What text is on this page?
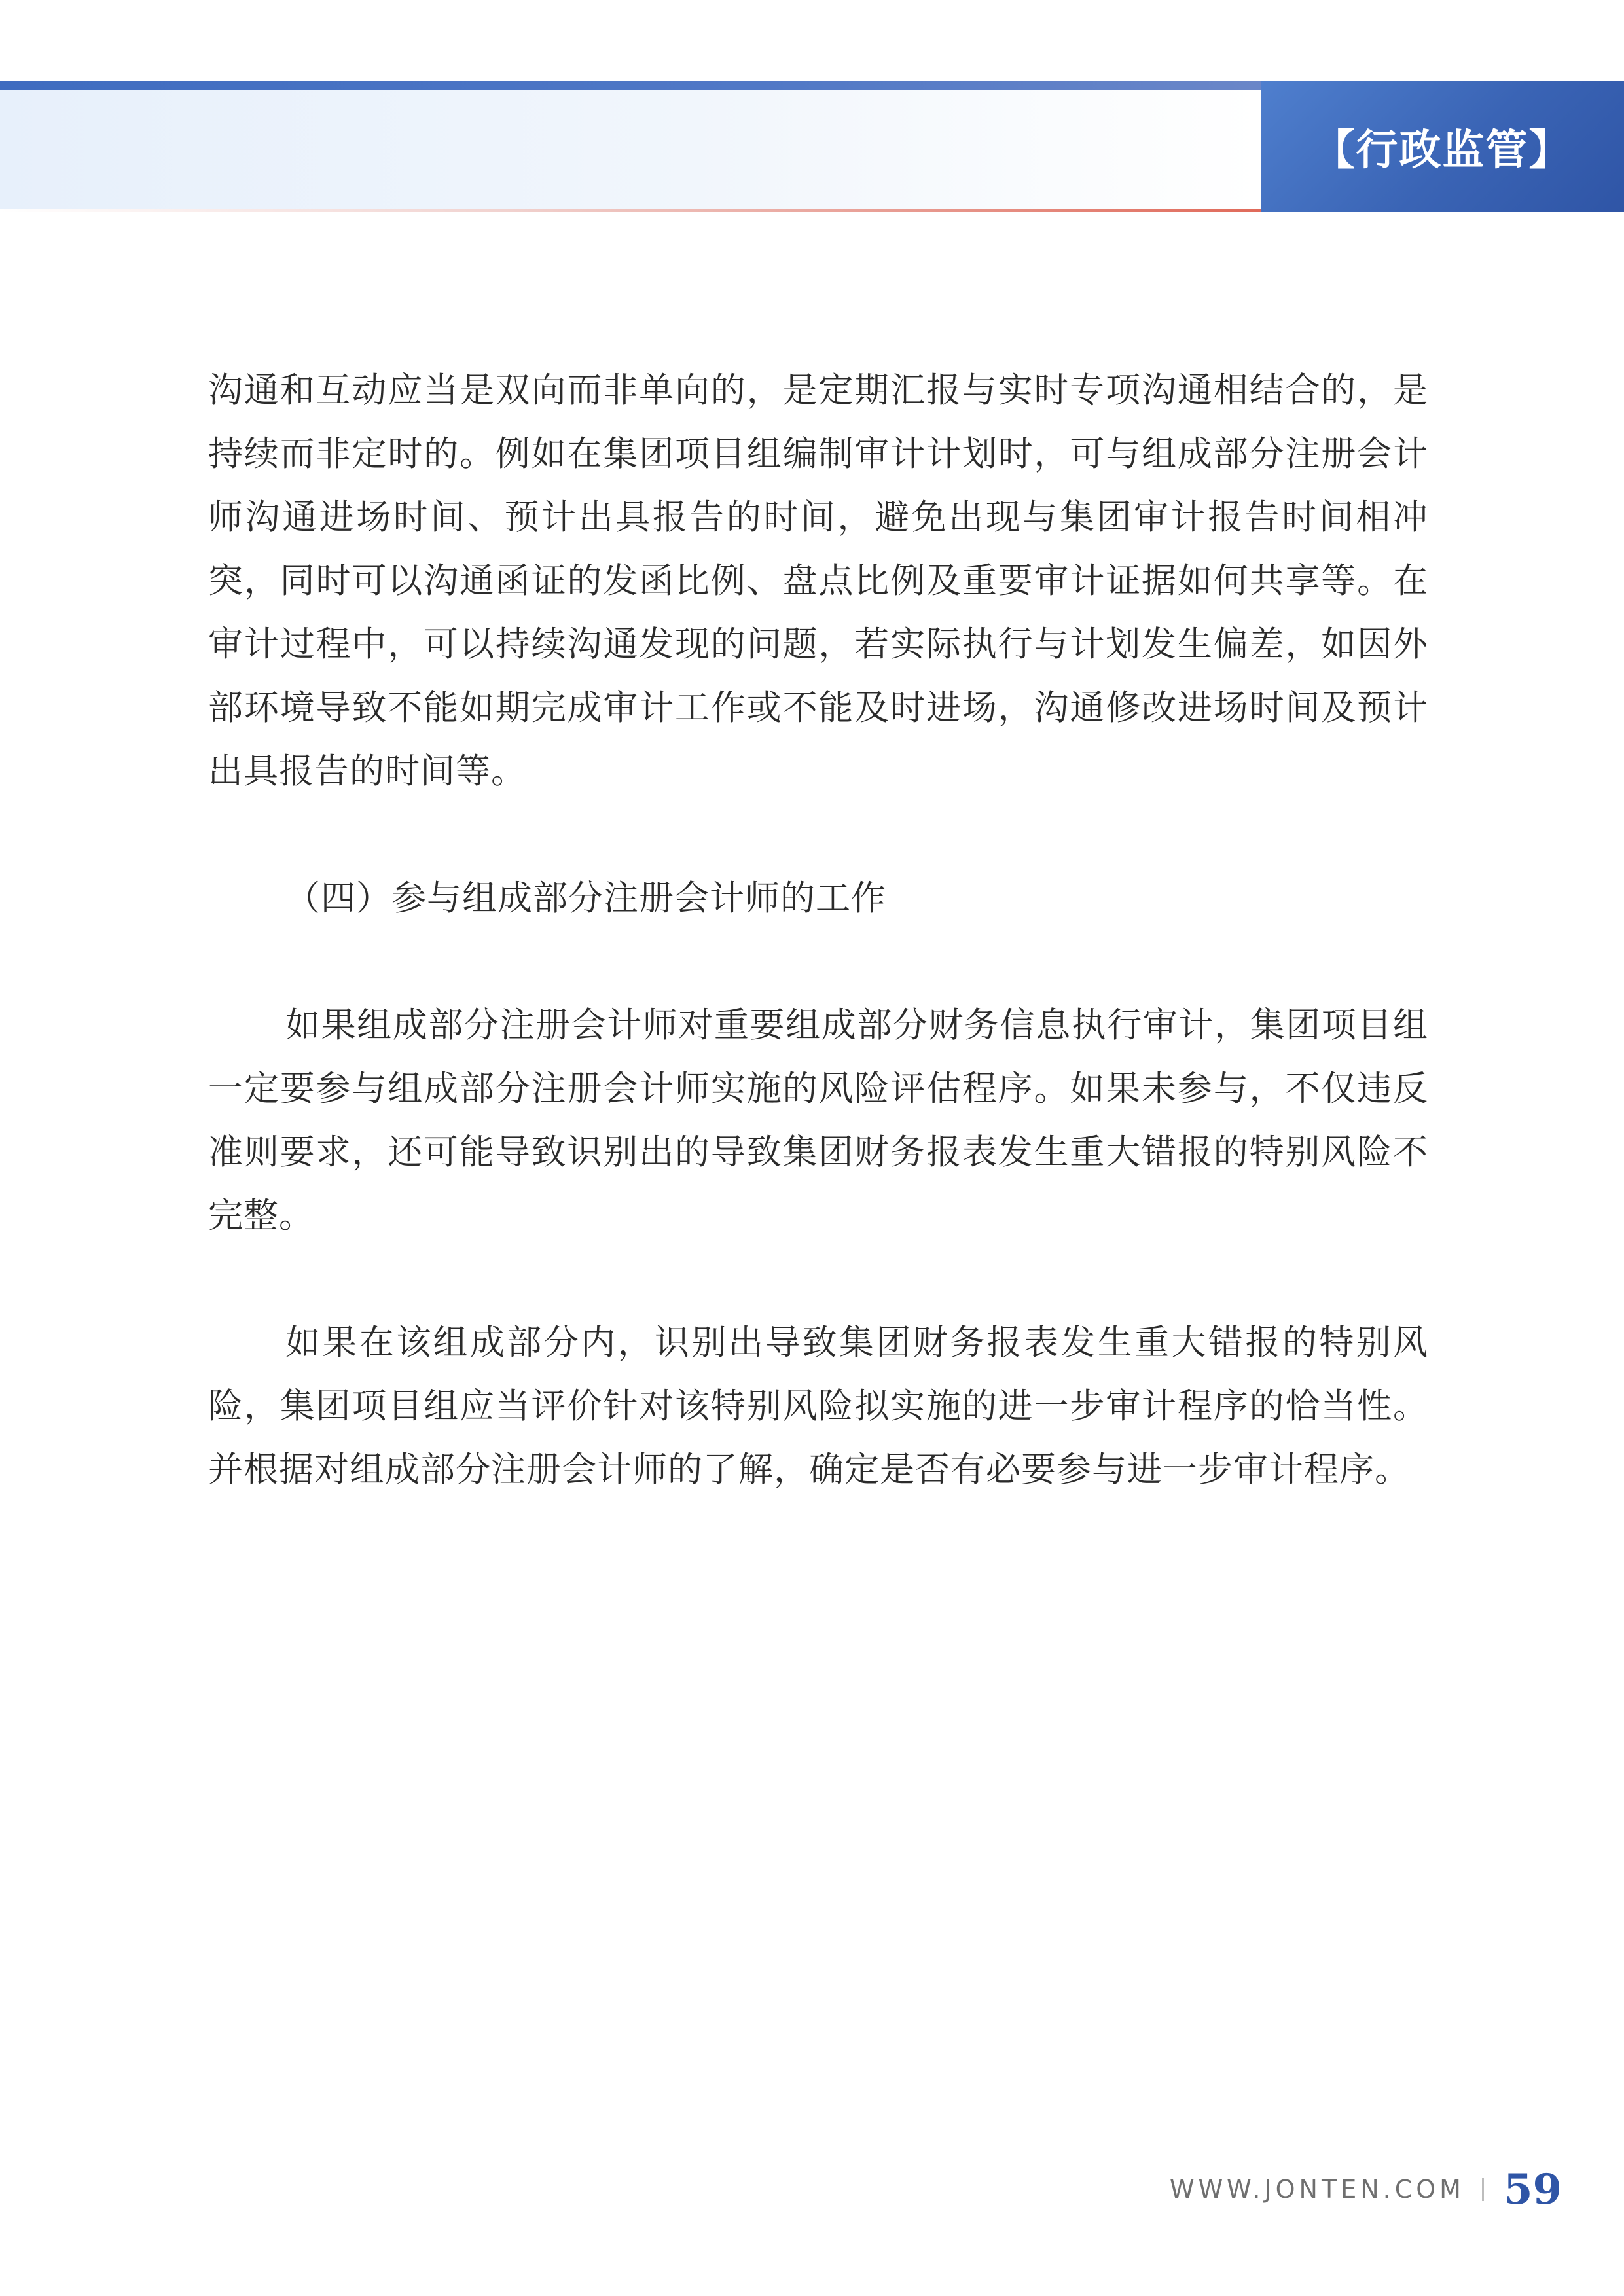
【行政监管】

沟通和互动应当是双向而非单向的，是定期汇报与实时专项沟通相结合的，是持续而非定时的。例如在集团项目组编制审计计划时，可与组成部分注册会计师沟通进场时间、预计出具报告的时间，避免出现与集团审计报告时间相冲突，同时可以沟通函证的发函比例、盘点比例及重要审计证据如何共享等。在审计过程中，可以持续沟通发现的问题，若实际执行与计划发生偏差，如因外部环境导致不能如期完成审计工作或不能及时进场，沟通修改进场时间及预计出具报告的时间等。

（四）参与组成部分注册会计师的工作

如果组成部分注册会计师对重要组成部分财务信息执行审计，集团项目组一定要参与组成部分注册会计师实施的风险评估程序。如果未参与，不仅违反准则要求，还可能导致识别出的导致集团财务报表发生重大错报的特别风险不完整。

如果在该组成部分内，识别出导致集团财务报表发生重大错报的特别风险，集团项目组应当评价针对该特别风险拟实施的进一步审计程序的恰当性。并根据对组成部分注册会计师的了解，确定是否有必要参与进一步审计程序。

WWW.JONTEN.COM 59
